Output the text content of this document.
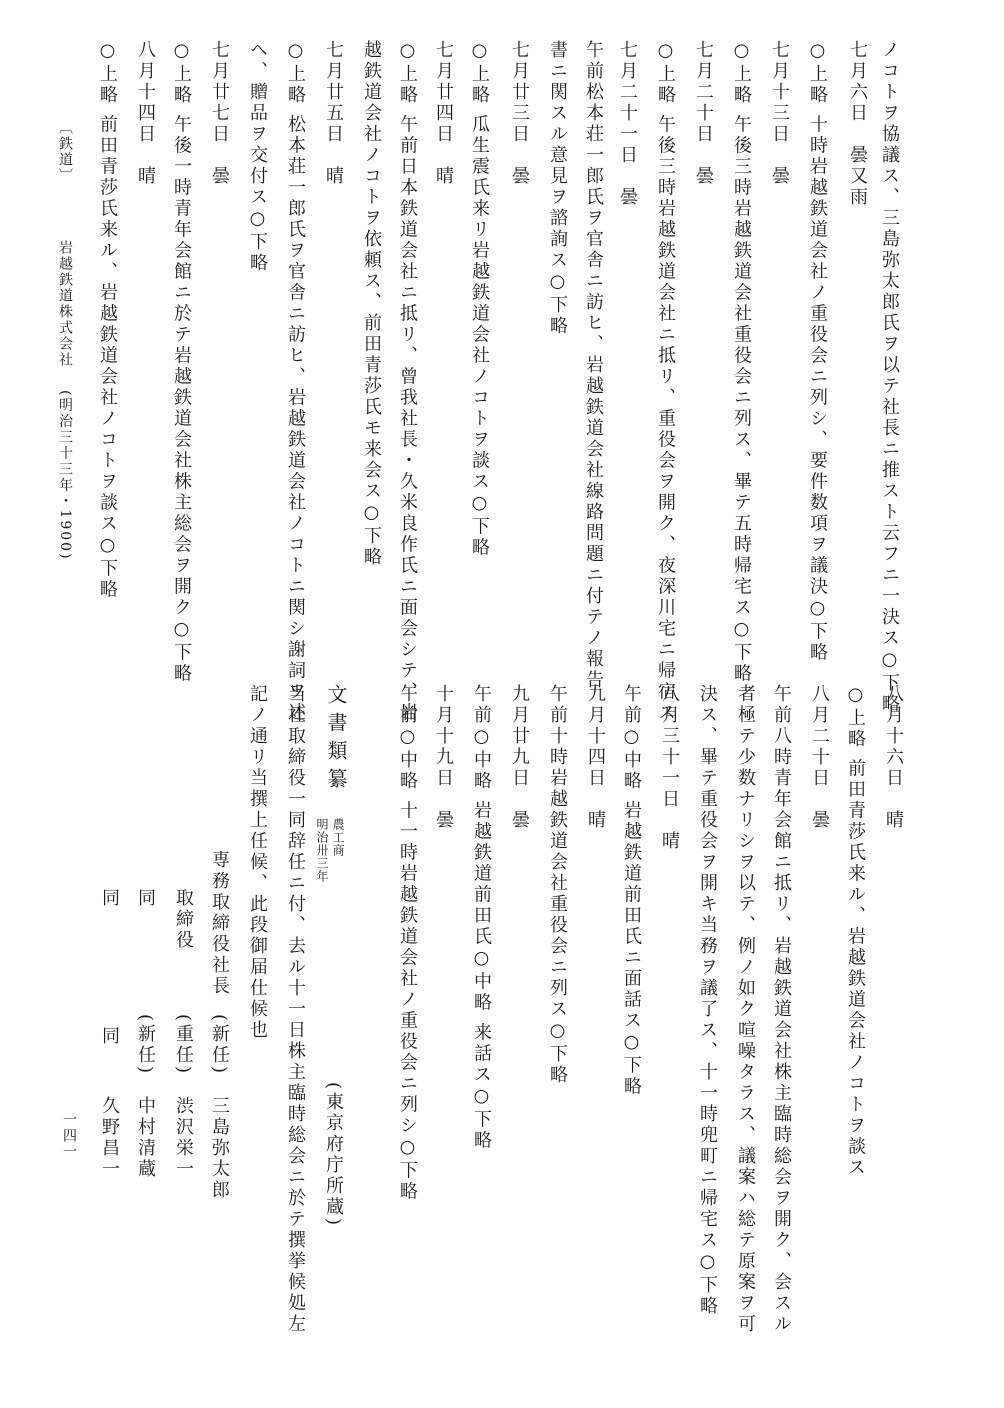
ノコトヲ協議ス、三島弥太郎氏ヲ以テ社長ニ推スト云フニ一決ス○下略
七月六日　曇又雨
○上略 十時岩越鉄道会社ノ重役会ニ列シ、要件数項ヲ議決○下略
七月十三日　曇
○上略 午後三時岩越鉄道会社重役会ニ列ス、畢テ五時帰宅ス○下略
七月二十日　曇
○上略 午後三時岩越鉄道会社ニ抵リ、重役会ヲ開ク、夜深川宅ニ帰宿ス
七月二十一日　曇
午前松本荘一郎氏ヲ官舎ニ訪ヒ、岩越鉄道会社線路問題ニ付テノ報告
書ニ関スル意見ヲ諮詢ス○下略
七月廿三日　曇
○上略 瓜生震氏来リ岩越鉄道会社ノコトヲ談ス○下略
七月廿四日　晴
○上略 午前日本鉄道会社ニ抵リ、曾我社長・久米良作氏ニ面会シテ、岩
越鉄道会社ノコトヲ依頼ス、前田青莎氏モ来会ス○下略
七月廿五日　晴
○上略 松本荘一郎氏ヲ官舎ニ訪ヒ、岩越鉄道会社ノコトニ関シ謝詞ヲ述
ヘ、贈品ヲ交付ス○下略
七月廿七日　曇
○上略 午後一時青年会館ニ於テ岩越鉄道会社株主総会ヲ開ク○下略
八月十四日　晴
○上略 前田青莎氏来ル、岩越鉄道会社ノコトヲ談ス○下略
〔鉄道〕
岩越鉄道株式会社
(明治三十三年・1900)
八月十六日　晴
○上略 前田青莎氏来ル、岩越鉄道会社ノコトヲ談ス
八月二十日　曇
午前八時青年会館ニ抵リ、岩越鉄道会社株主臨時総会ヲ開ク、会スル
者極テ少数ナリシヲ以テ、例ノ如ク喧噪タラス、議案ハ総テ原案ヲ可
決ス、畢テ重役会ヲ開キ当務ヲ議了ス、十一時兜町ニ帰宅ス○下略
八月三十一日　晴
午前○中略 岩越鉄道前田氏ニ面話ス○下略
九月十四日　晴
午前十時岩越鉄道会社重役会ニ列ス○下略
九月廿九日　曇
午前○中略 岩越鉄道前田氏○中略 来話ス○下略
十月十九日　曇
午前○中略 十一時岩越鉄道会社ノ重役会ニ列シ○下略
文書類纂
農工商
明治卅三年
(東京府庁所蔵)
当社取締役一同辞任ニ付、去ル十一日株主臨時総会ニ於テ撰挙候処左
記ノ通リ当撰上任候、此段御届仕候也
専務取締役社長
(新任)
三島弥太郎
取締役
(重任)
渋沢栄一
同
(新任)
中村清蔵
同
同
久野昌一
一四一
